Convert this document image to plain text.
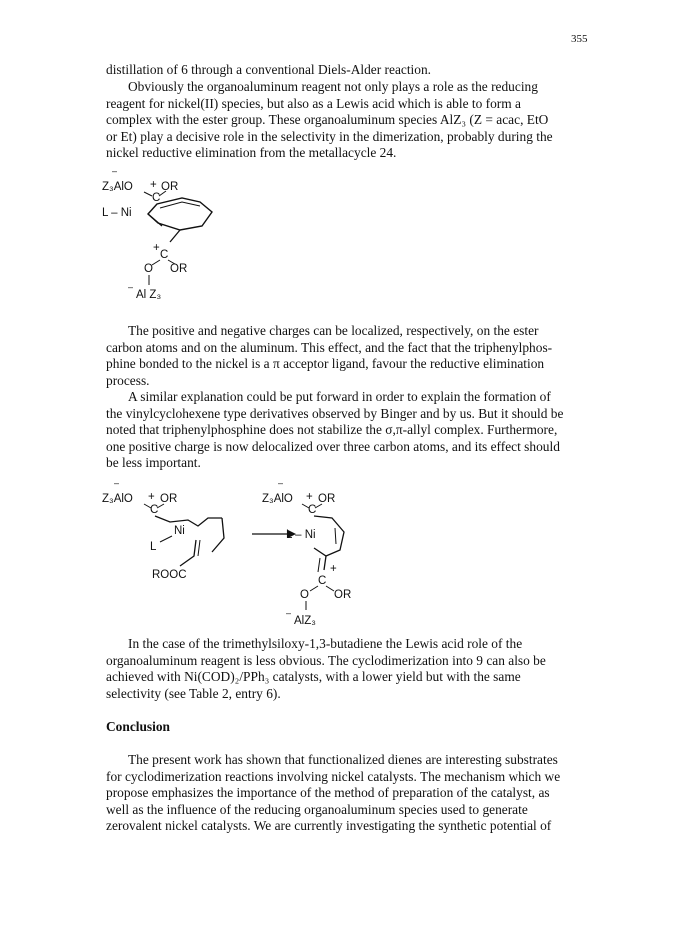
355

distillation of 6 through a conventional Diels-Alder reaction.

Obviously the organoaluminum reagent not only plays a role as the reducing

reagent for nickel(II) species, but also as a Lewis acid which is able to form a

complex with the ester group. These organoaluminum species AlZ₃ (Z = acac, EtO

or Et) play a decisive role in the selectivity in the dimerization, probably during the

nickel reductive elimination from the metallacycle 24.

–
Z₃AlO + OR
C
L – Ni
+
C
O OR
–
Al Z₃

The positive and negative charges can be localized, respectively, on the ester

carbon atoms and on the aluminum. This effect, and the fact that the triphenylphos-

phine bonded to the nickel is a π acceptor ligand, favour the reductive elimination

process.

A similar explanation could be put forward in order to explain the formation of

the vinylcyclohexene type derivatives observed by Binger and by us. But it should be

noted that triphenylphosphine does not stabilize the σ,π-allyl complex. Furthermore,

one positive charge is now delocalized over three carbon atoms, and its effect should

be less important.

–
Z₃AlO + OR
C
Ni
L
ROOC
–
Z₃AlO + OR
C
L – Ni
+
C
O OR
–
AlZ₃

In the case of the trimethylsiloxy-1,3-butadiene the Lewis acid role of the

organoaluminum reagent is less obvious. The cyclodimerization into 9 can also be

achieved with Ni(COD)₂/PPh₃ catalysts, with a lower yield but with the same

selectivity (see Table 2, entry 6).

Conclusion

The present work has shown that functionalized dienes are interesting substrates

for cyclodimerization reactions involving nickel catalysts. The mechanism which we

propose emphasizes the importance of the method of preparation of the catalyst, as

well as the influence of the reducing organoaluminum species used to generate

zerovalent nickel catalysts. We are currently investigating the synthetic potential of
